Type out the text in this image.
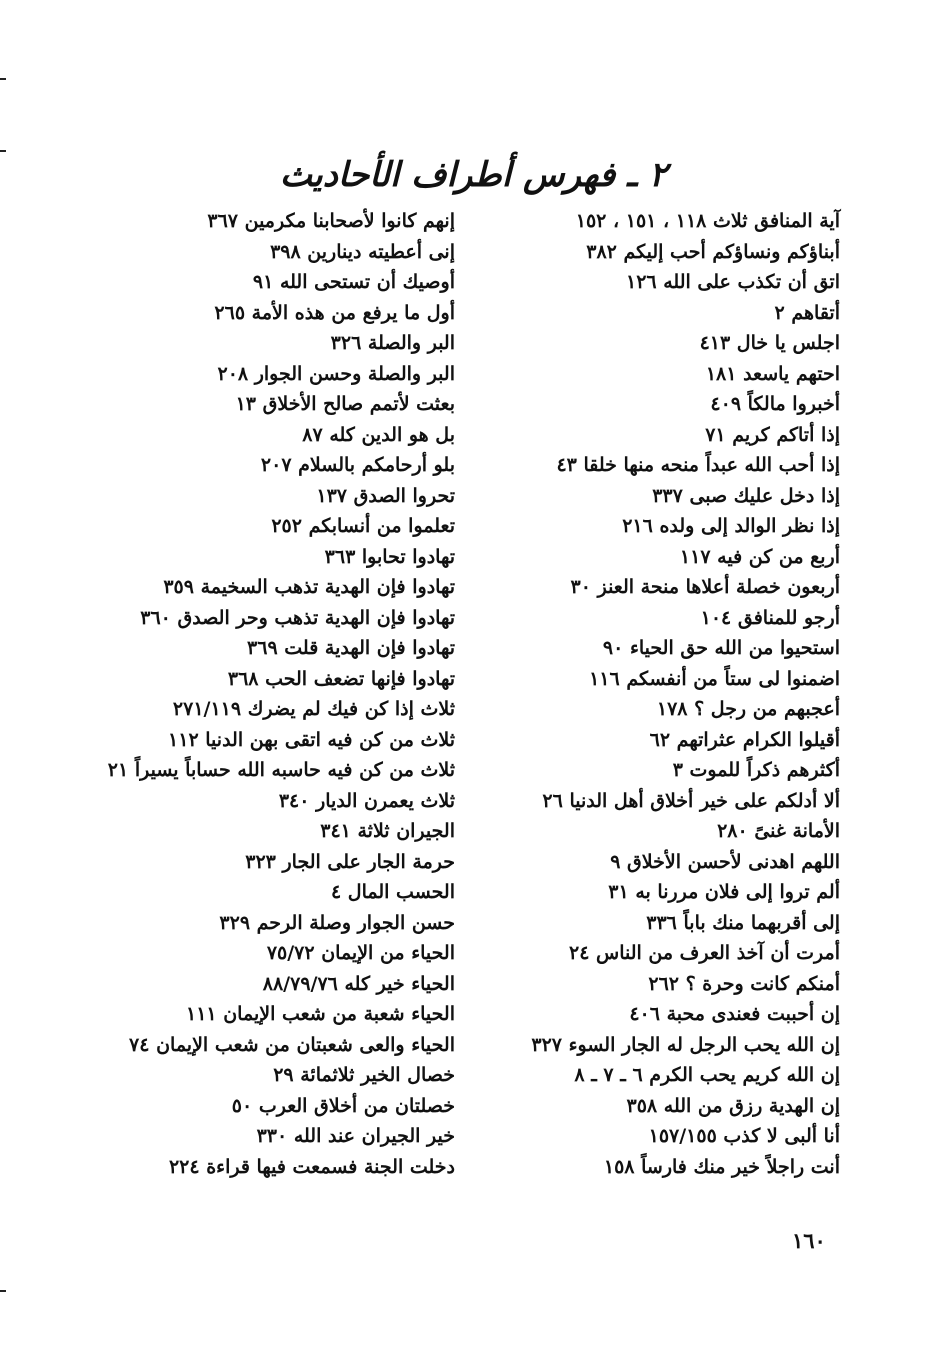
٢ ـ فهرس أطراف الأحاديث
آية المنافق ثلاث ١١٨ ، ١٥١ ، ١٥٢
أبناؤكم ونساؤكم أحب إليكم ٣٨٢
اتق أن تكذب على الله ١٢٦
أتقاهم ٢
اجلس يا خال ٤١٣
احتهم ياسعد ١٨١
أخبروا مالكاً ٤٠٩
إذا أتاكم كريم ٧١
إذا أحب الله عبداً منحه منها خلقا ٤٣
إذا دخل عليك صبى ٣٣٧
إذا نظر الوالد إلى ولده ٢١٦
أربع من كن فيه ١١٧
أربعون خصلة أعلاها منحة العنز ٣٠
أرجو للمنافق ١٠٤
استحيوا من الله حق الحياء ٩٠
اضمنوا لى ستاً من أنفسكم ١١٦
أعجبهم من رجل ؟ ١٧٨
أقيلوا الكرام عثراتهم ٦٢
أكثرهم ذكراً للموت ٣
ألا أدلكم على خير أخلاق أهل الدنيا ٢٦
الأمانة غنىً ٢٨٠
اللهم اهدنى لأحسن الأخلاق ٩
ألم تروا إلى فلان مررنا به ٣١
إلى أقربهما منك باباً ٣٣٦
أمرت أن آخذ العرف من الناس ٢٤
أمنكم كانت وحرة ؟ ٢٦٢
إن أحببت فعندى محبة ٤٠٦
إن الله يحب الرجل له الجار السوء ٣٢٧
إن الله كريم يحب الكرم ٦ ـ ٧ ـ ٨
إن الهدية رزق من الله ٣٥٨
أنا ألبى لا كذب ١٥٧/١٥٥
أنت راجلاً خير منك فارساً ١٥٨
إنهم كانوا لأصحابنا مكرمين ٣٦٧
إنى أعطيته دينارين ٣٩٨
أوصيك أن تستحى الله ٩١
أول ما يرفع من هذه الأمة ٢٦٥
البر والصلة ٣٢٦
البر والصلة وحسن الجوار ٢٠٨
بعثت لأتمم صالح الأخلاق ١٣
بل هو الدين كله ٨٧
بلو أرحامكم بالسلام ٢٠٧
تحروا الصدق ١٣٧
تعلموا من أنسابكم ٢٥٢
تهادوا تحابوا ٣٦٣
تهادوا فإن الهدية تذهب السخيمة ٣٥٩
تهادوا فإن الهدية تذهب وحر الصدق ٣٦٠
تهادوا فإن الهدية قلت ٣٦٩
تهادوا فإنها تضعف الحب ٣٦٨
ثلاث إذا كن فيك لم يضرك ٢٧١/١١٩
ثلاث من كن فيه اتقى بهن الدنيا ١١٢
ثلاث من كن فيه حاسبه الله حساباً يسيراً ٢١
ثلاث يعمرن الديار ٣٤٠
الجيران ثلاثة ٣٤١
حرمة الجار على الجار ٣٢٣
الحسب المال ٤
حسن الجوار وصلة الرحم ٣٢٩
الحياء من الإيمان ٧٥/٧٢
الحياء خير كله ٨٨/٧٩/٧٦
الحياء شعبة من شعب الإيمان ١١١
الحياء والعى شعبتان من شعب الإيمان ٧٤
خصال الخير ثلاثمائة ٢٩
خصلتان من أخلاق العرب ٥٠
خير الجيران عند الله ٣٣٠
دخلت الجنة فسمعت فيها قراءة ٢٢٤
١٦٠
